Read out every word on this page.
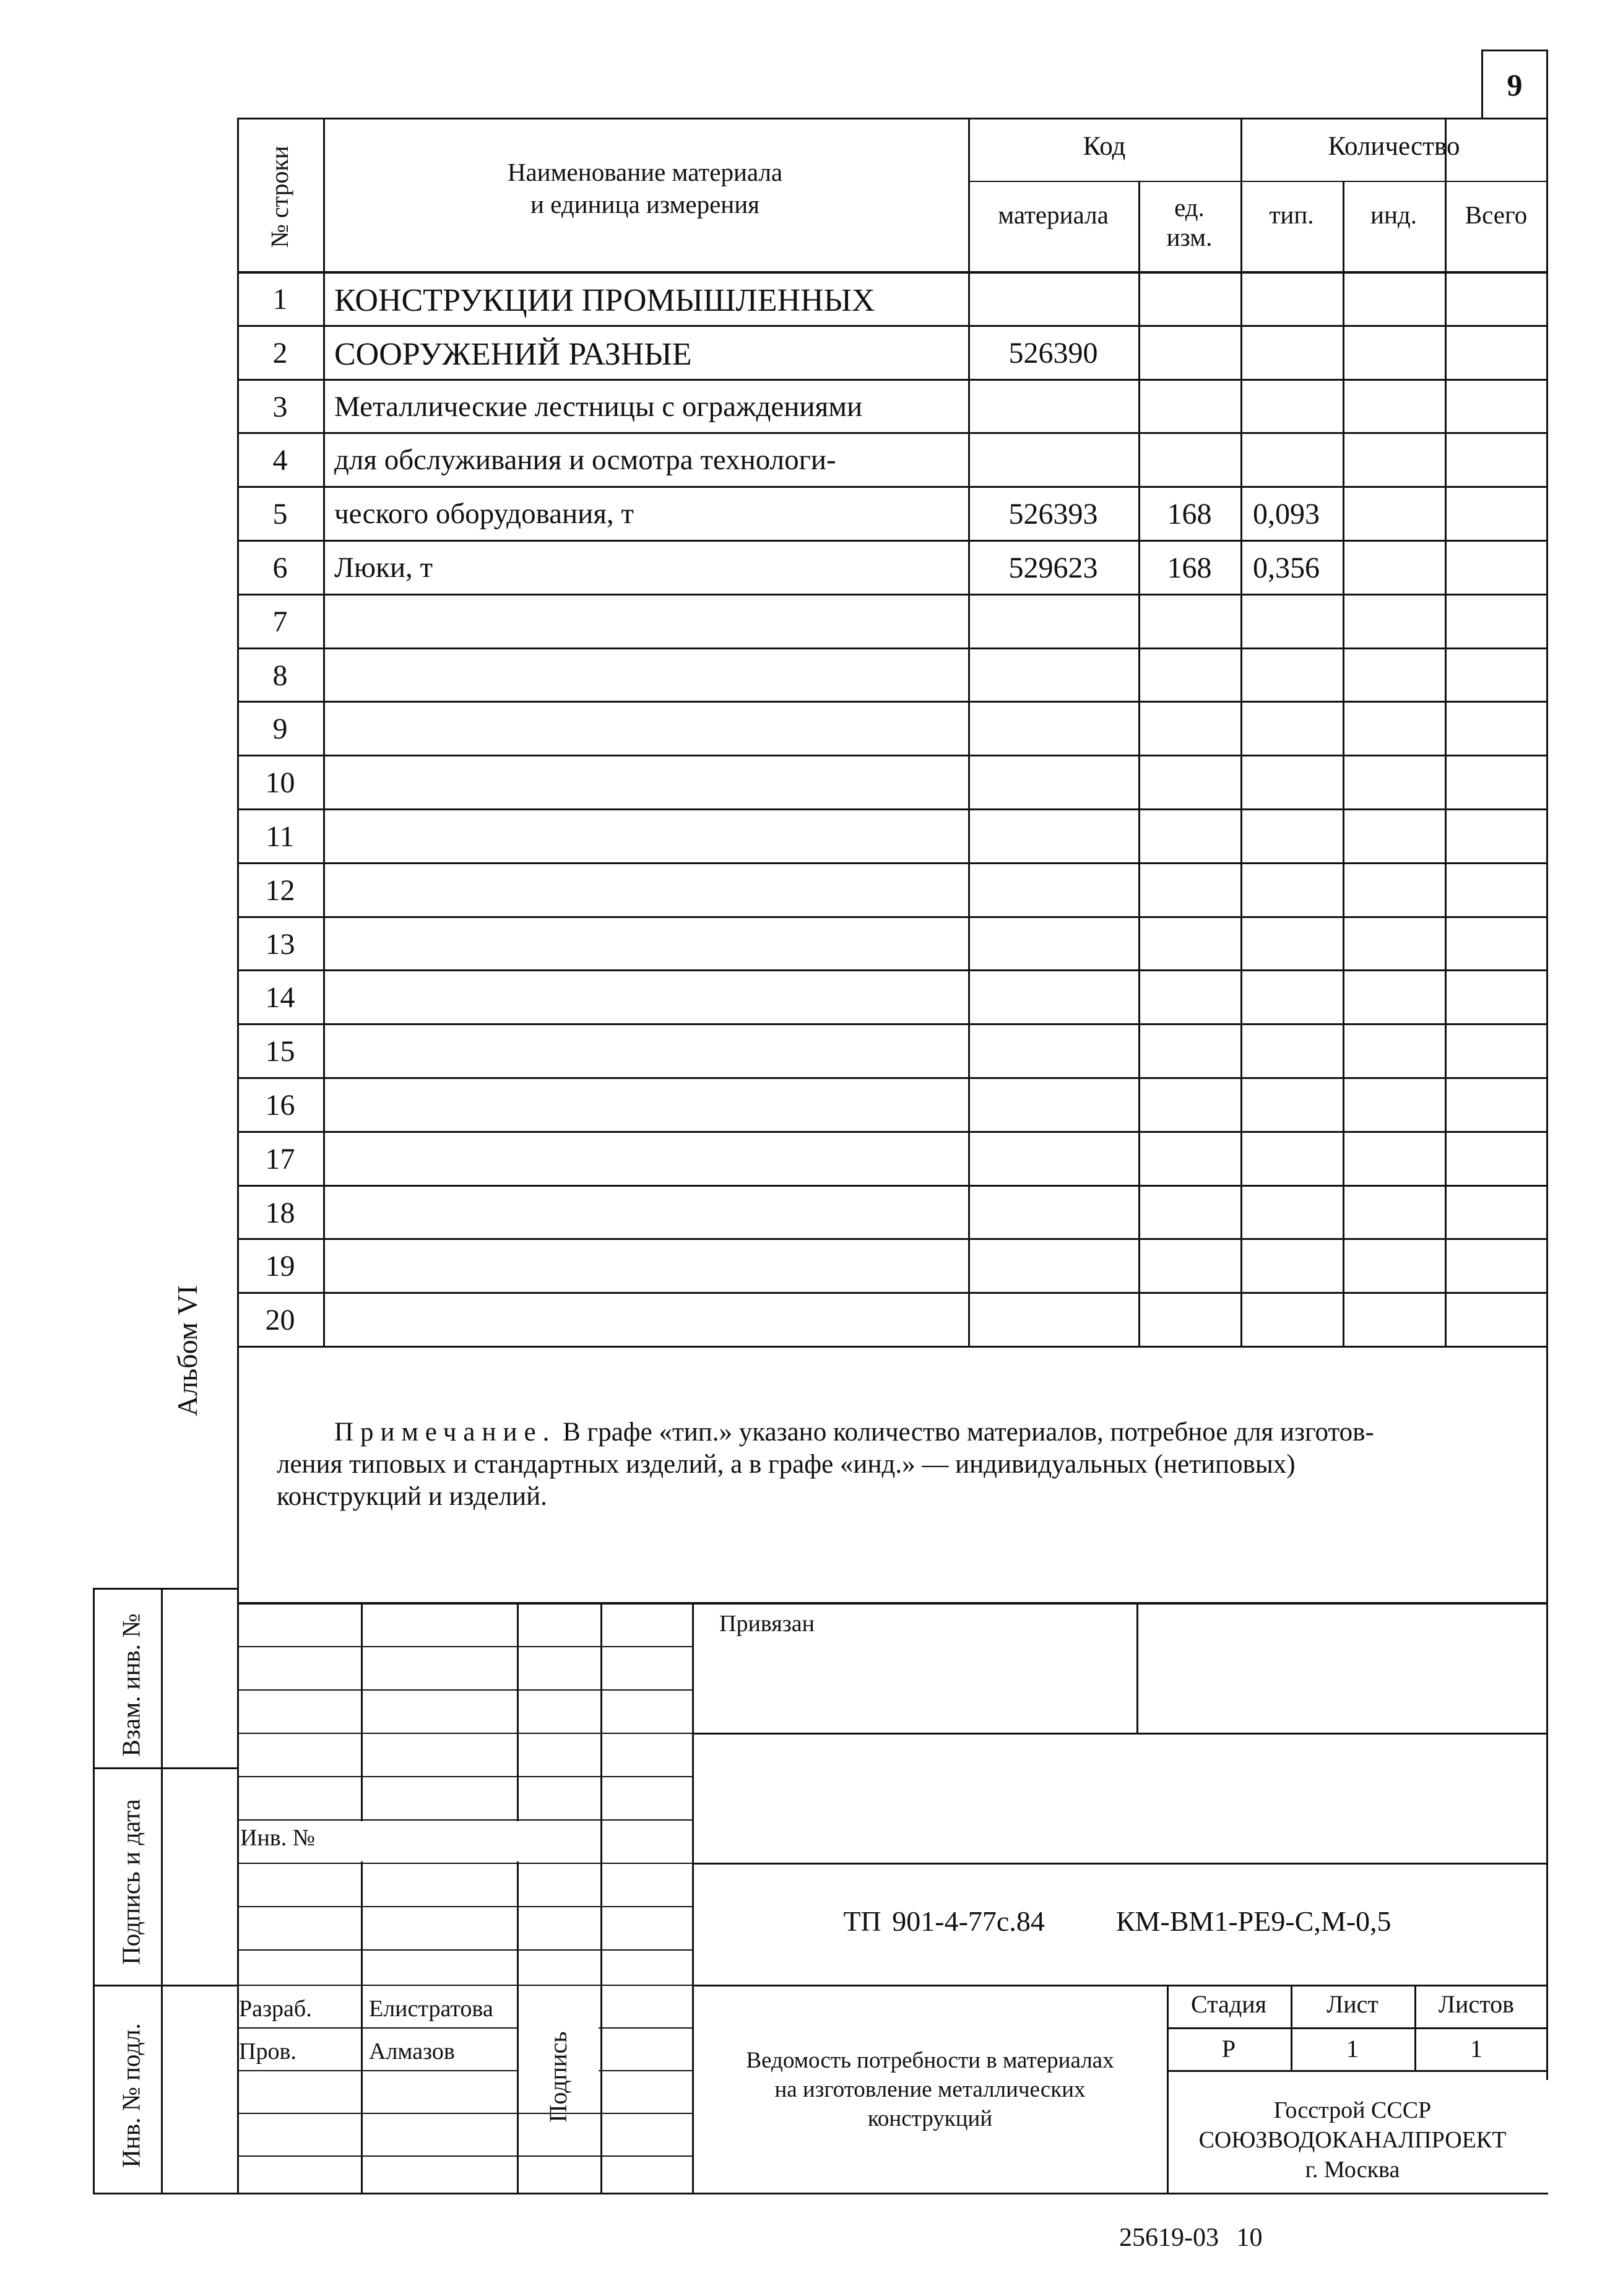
9
№ строки	Наименование материала
и единица измерения
Код
материала	ед.
изм.
Количество
тип.	инд.	Всего
1	КОНСТРУКЦИИ ПРОМЫШЛЕННЫХ
2	СООРУЖЕНИЙ РАЗНЫЕ	526390
3	Металлические лестницы с ограждениями
4	для обслуживания и осмотра технологи-
5	ческого оборудования, т	526393	168	0,093
6	Люки, т	529623	168	0,356
7
8
9
10
11
12
13
14
15
16
17
18
19
20
Примечание. В графе «тип.» указано количество материалов, потребное для изготов-
ления типовых и стандартных изделий, а в графе «инд.» — индивидуальных (нетиповых)
конструкций и изделий.
Альбом VI
Взам. инв. №
Подпись и дата
Инв. № подл.
Привязан
Инв. №
ТП 901-4-77с.84	КМ-ВМ1-РЕ9-С,М-0,5
Разраб. Елистратова
Пров.	Алмазов	Подпись	Ведомость потребности в материалах
на изготовление металлических
конструкций
Стадия	Лист	Листов
Р	1	1
Госстрой СССР
СОЮЗВОДОКАНАЛПРОЕКТ
г. Москва
25619-03 10
